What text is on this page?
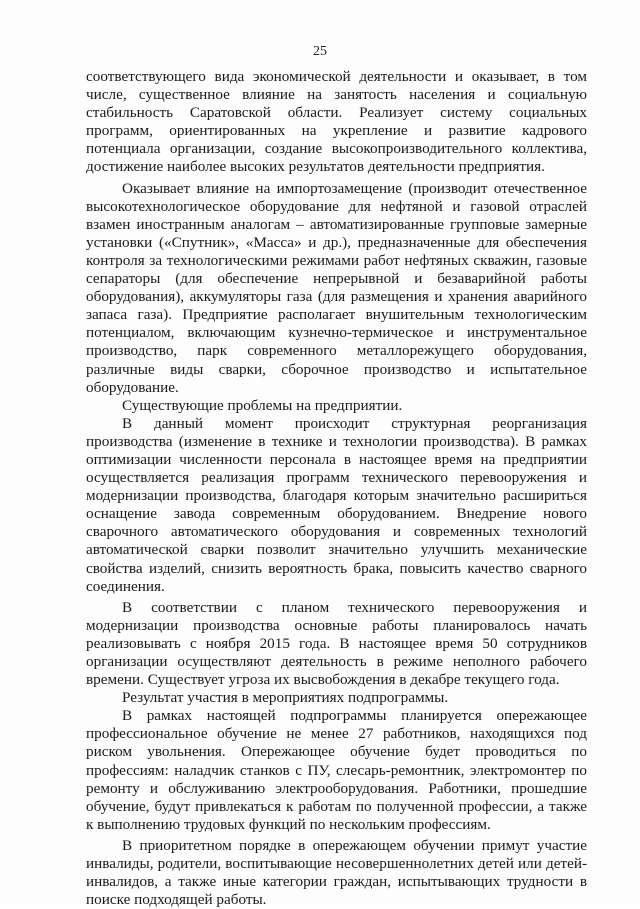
25

соответствующего вида экономической деятельности и оказывает, в том числе, существенное влияние на занятость населения и социальную стабильность Саратовской области. Реализует систему социальных программ, ориентированных на укрепление и развитие кадрового потенциала организации, создание высокопроизводительного коллектива, достижение наиболее высоких результатов деятельности предприятия.

Оказывает влияние на импортозамещение (производит отечественное высокотехнологическое оборудование для нефтяной и газовой отраслей взамен иностранным аналогам – автоматизированные групповые замерные установки («Спутник», «Масса» и др.), предназначенные для обеспечения контроля за технологическими режимами работ нефтяных скважин, газовые сепараторы (для обеспечение непрерывной и безаварийной работы оборудования), аккумуляторы газа (для размещения и хранения аварийного запаса газа). Предприятие располагает внушительным технологическим потенциалом, включающим кузнечно-термическое и инструментальное производство, парк современного металлорежущего оборудования, различные виды сварки, сборочное производство и испытательное оборудование.

Существующие проблемы на предприятии.

В данный момент происходит структурная реорганизация производства (изменение в технике и технологии производства). В рамках оптимизации численности персонала в настоящее время на предприятии осуществляется реализация программ технического перевооружения и модернизации производства, благодаря которым значительно расшириться оснащение завода современным оборудованием. Внедрение нового сварочного автоматического оборудования и современных технологий автоматической сварки позволит значительно улучшить механические свойства изделий, снизить вероятность брака, повысить качество сварного соединения.

В соответствии с планом технического перевооружения и модернизации производства основные работы планировалось начать реализовывать с ноября 2015 года. В настоящее время 50 сотрудников организации осуществляют деятельность в режиме неполного рабочего времени. Существует угроза их высвобождения в декабре текущего года.

Результат участия в мероприятиях подпрограммы.

В рамках настоящей подпрограммы планируется опережающее профессиональное обучение не менее 27 работников, находящихся под риском увольнения. Опережающее обучение будет проводиться по профессиям: наладчик станков с ПУ, слесарь-ремонтник, электромонтер по ремонту и обслуживанию электрооборудования. Работники, прошедшие обучение, будут привлекаться к работам по полученной профессии, а также к выполнению трудовых функций по нескольким профессиям.

В приоритетном порядке в опережающем обучении примут участие инвалиды, родители, воспитывающие несовершеннолетних детей или детей-инвалидов, а также иные категории граждан, испытывающих трудности в поиске подходящей работы.
